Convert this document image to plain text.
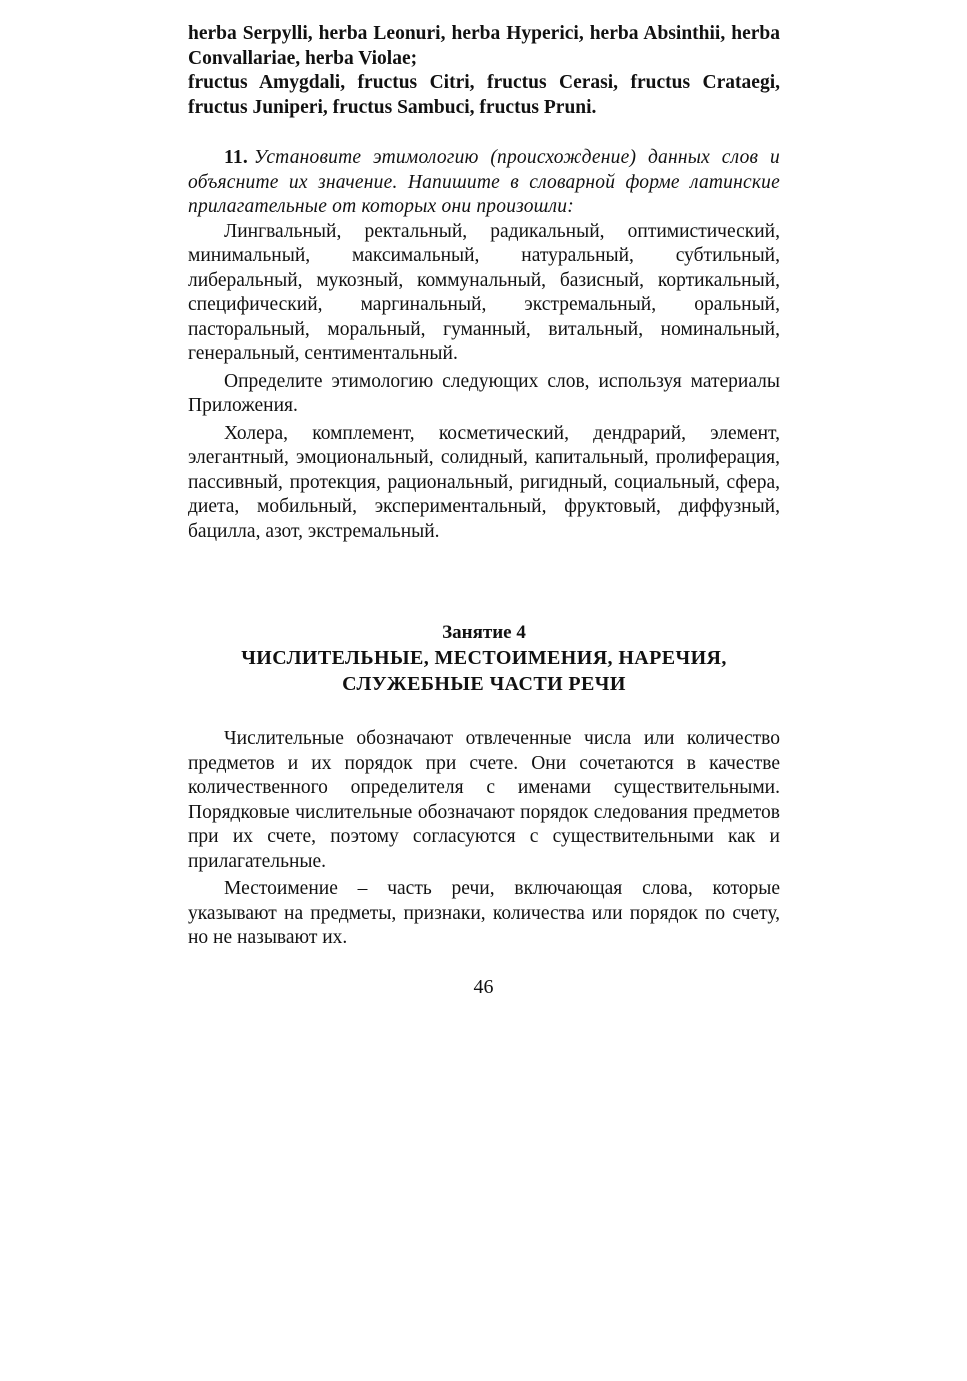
herba Serpylli, herba Leonuri, herba Hyperici, herba Absinthii, herba Convallariae, herba Violae;

fructus Amygdali, fructus Citri, fructus Cerasi, fructus Crataegi, fructus Juniperi, fructus Sambuci, fructus Pruni.

11. Установите этимологию (происхождение) данных слов и объясните их значение. Напишите в словарной форме латинские прилагательные от которых они произошли:

Лингвальный, ректальный, радикальный, оптимистический, минимальный, максимальный, натуральный, субтильный, либеральный, мукозный, коммунальный, базисный, кортикальный, специфический, маргинальный, экстремальный, оральный, пасторальный, моральный, гуманный, витальный, номинальный, генеральный, сентиментальный.

Определите этимологию следующих слов, используя материалы Приложения.

Холера, комплемент, косметический, дендрарий, элемент, элегантный, эмоциональный, солидный, капитальный, пролиферация, пассивный, протекция, рациональный, ригидный, социальный, сфера, диета, мобильный, экспериментальный, фруктовый, диффузный, бацилла, азот, экстремальный.

Занятие 4
ЧИСЛИТЕЛЬНЫЕ, МЕСТОИМЕНИЯ, НАРЕЧИЯ,
СЛУЖЕБНЫЕ ЧАСТИ РЕЧИ

Числительные обозначают отвлеченные числа или количество предметов и их порядок при счете. Они сочетаются в качестве количественного определителя с именами существительными. Порядковые числительные обозначают порядок следования предметов при их счете, поэтому согласуются с существительными как и прилагательные.

Местоимение – часть речи, включающая слова, которые указывают на предметы, признаки, количества или порядок по счету, но не называют их.

46
